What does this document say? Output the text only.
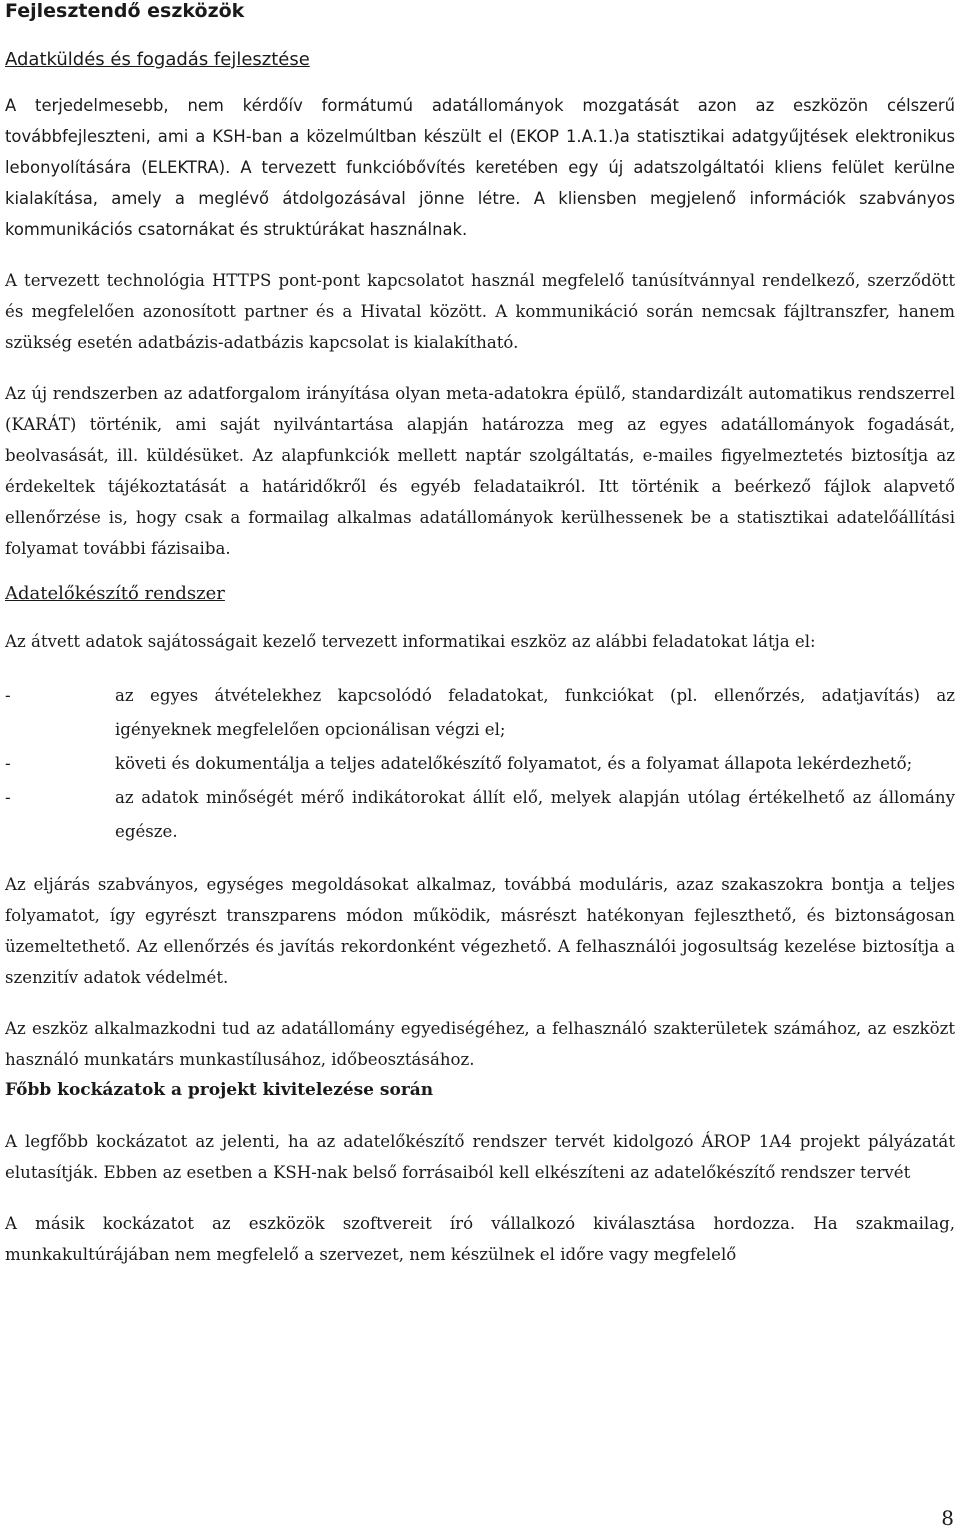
Fejlesztendő eszközök
Adatküldés és fogadás fejlesztése

A terjedelmesebb, nem kérdőív formátumú adatállományok mozgatását azon az eszközön célszerű továbbfejleszteni, ami a KSH-ban a közelmúltban készült el (EKOP 1.A.1.)a statisztikai adatgyűjtések elektronikus lebonyolítására (ELEKTRA). A tervezett funkcióbővítés keretében egy új adatszolgáltatói kliens felület kerülne kialakítása, amely a meglévő átdolgozásával jönne létre. A kliensben megjelenő információk szabványos kommunikációs csatornákat és struktúrákat használnak.

A tervezett technológia HTTPS pont-pont kapcsolatot használ megfelelő tanúsítvánnyal rendelkező, szerződött és megfelelően azonosított partner és a Hivatal között. A kommunikáció során nemcsak fájltranszfer, hanem szükség esetén adatbázis-adatbázis kapcsolat is kialakítható.

Az új rendszerben az adatforgalom irányítása olyan meta-adatokra épülő, standardizált automatikus rendszerrel (KARÁT) történik, ami saját nyilvántartása alapján határozza meg az egyes adatállományok fogadását, beolvasását, ill. küldésüket. Az alapfunkciók mellett naptár szolgáltatás, e-mailes figyelmeztetés biztosítja az érdekeltek tájékoztatását a határidőkről és egyéb feladataikról. Itt történik a beérkező fájlok alapvető ellenőrzése is, hogy csak a formailag alkalmas adatállományok kerülhessenek be a statisztikai adatelőállítási folyamat további fázisaiba.

Adatelőkészítő rendszer

Az átvett adatok sajátosságait kezelő tervezett informatikai eszköz az alábbi feladatokat látja el:

-	az egyes átvételekhez kapcsolódó feladatokat, funkciókat (pl. ellenőrzés, adatjavítás) az igényeknek megfelelően opcionálisan végzi el;
-	követi és dokumentálja a teljes adatelőkészítő folyamatot, és a folyamat állapota lekérdezhető;
-	az adatok minőségét mérő indikátorokat állít elő, melyek alapján utólag értékelhető az állomány egésze.

Az eljárás szabványos, egységes megoldásokat alkalmaz, továbbá moduláris, azaz szakaszokra bontja a teljes folyamatot, így egyrészt transzparens módon működik, másrészt hatékonyan fejleszthető, és biztonságosan üzemeltethető. Az ellenőrzés és javítás rekordonként végezhető. A felhasználói jogosultság kezelése biztosítja a szenzitív adatok védelmét.

Az eszköz alkalmazkodni tud az adatállomány egyediségéhez, a felhasználó szakterületek számához, az eszközt használó munkatárs munkastílusához, időbeosztásához.

Főbb kockázatok a projekt kivitelezése során

A legfőbb kockázatot az jelenti, ha az adatelőkészítő rendszer tervét kidolgozó ÁROP 1A4 projekt pályázatát elutasítják. Ebben az esetben a KSH-nak belső forrásaiból kell elkészíteni az adatelőkészítő rendszer tervét

A másik kockázatot az eszközök szoftvereit író vállalkozó kiválasztása hordozza. Ha szakmailag, munkakultúrájában nem megfelelő a szervezet, nem készülnek el időre vagy megfelelő

8
